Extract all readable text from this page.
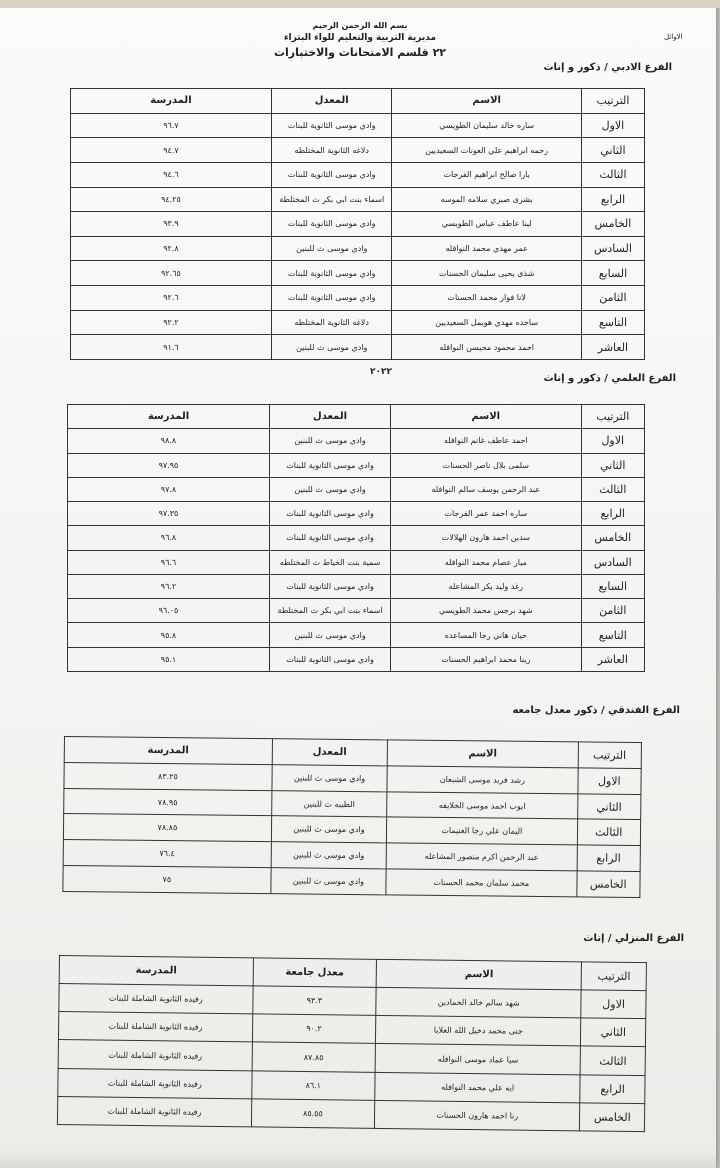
بسم الله الرحمن الرحيم
مديرية التربية والتعليم للواء البتراء
٢٢ قلسم الامتحانات والاختبارات
الاوائل
الفرع الادبي / ذكور و إناث
الترتيب	الاسم	المعدل	المدرسة
الاول	ساره خالد سليمان الطويسي	وادي موسى الثانوية للبنات	٩٦.٧
الثاني	رحمه ابراهيم علي العونات السعيديين	دلاغه الثانوية المختلطه	٩٤.٧
الثالث	يارا صالح ابراهيم الفرجات	وادي موسى الثانوية للبنات	٩٤.٦
الرابع	بشرى صبري سلامه الموسه	اسماء بنت ابي بكر ث المختلطة	٩٤.٢٥
الخامس	لينا عاطف عباس الطويسي	وادي موسى الثانوية للبنات	٩٣.٩
السادس	عمر مهدي محمد النوافله	وادي موسى ث للبنين	٩٢.٨
السابع	شذى يحيى سليمان الحسنات	وادي موسى الثانوية للبنات	٩٢.٦٥
الثامن	لانا فواز محمد الحسنات	وادي موسى الثانوية للبنات	٩٢.٦
التاسع	ساجده مهدي هويمل السعيديين	دلاغه الثانوية المختلطه	٩٢.٢
العاشر	احمد محمود محيسن النوافله	وادي موسى ث للبنين	٩١.٦
٢٠٢٢
الفرع العلمي / ذكور و إناث
الترتيب	الاسم	المعدل	المدرسة
الاول	احمد عاطف غانم النوافله	وادي موسى ث للبنين	٩٨.٨
الثاني	سلمى بلال ناصر الحسنات	وادي موسى الثانوية للبنات	٩٧.٩٥
الثالث	عبد الرحمن يوسف سالم النوافله	وادي موسى ث للبنين	٩٧.٨
الرابع	ساره احمد عمر الفرجات	وادي موسى الثانوية للبنات	٩٧.٣٥
الخامس	سدين احمد هارون الهلالات	وادي موسى الثانوية للبنات	٩٦.٨
السادس	ميار عصام محمد النوافله	سمية بنت الخياط ث المختلطه	٩٦.٦
السابع	رغد وليد بكر المشاعله	وادي موسى الثانوية للبنات	٩٦.٢
الثامن	شهد برجس محمد الطويسي	اسماء بنت ابي بكر ث المختلطة	٩٦.٠٥
التاسع	حيان هاني رجا المساعده	وادي موسى ث للبنين	٩٥.٨
العاشر	رينا محمد ابراهيم الحسنات	وادي موسى الثانوية للبنات	٩٥.١
الفرع الفندقي / ذكور معدل جامعه
الترتيب	الاسم	المعدل	المدرسة
الاول	رشد فريد موسى الشبعان	وادي موسى ث للبنين	٨٣.٢٥
الثاني	ايوب احمد موسى الخلايفه	الطيبه ث للبنين	٧٨.٩٥
الثالث	اليمان علي رجا الغنيمات	وادي موسى ث للبنين	٧٨.٨٥
الرابع	عبد الرحمن اكرم منصور المشاعله	وادي موسى ث للبنين	٧٦.٤
الخامس	محمد سلمان محمد الحسنات	وادي موسى ث للبنين	٧٥
الفرع المنزلي / إناث
الترتيب	الاسم	معدل جامعة	المدرسة
الاول	شهد سالم خالد الحمادين	٩٣.٣	رفيده الثانوية الشاملة للبنات
الثاني	جنى محمد دخيل الله العلايا	٩٠.٢	رفيده الثانوية الشاملة للبنات
الثالث	سيا عماد موسى النوافله	٨٧.٨٥	رفيده الثانوية الشاملة للبنات
الرابع	ايه علي محمد النوافله	٨٦.١	رفيده الثانوية الشاملة للبنات
الخامس	رنا احمد هارون الحسنات	٨٥.٥٥	رفيده الثانوية الشاملة للبنات
